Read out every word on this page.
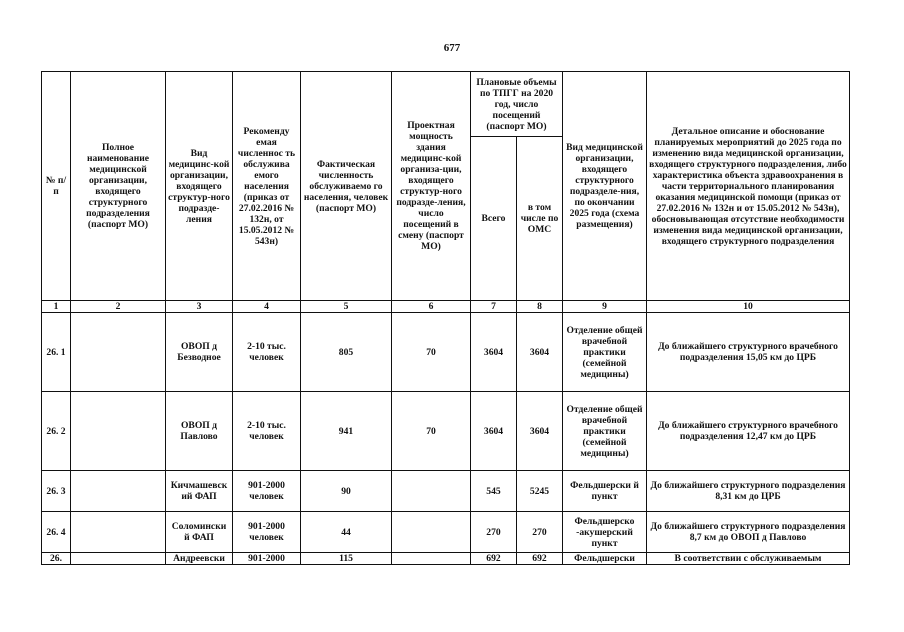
677
№ п/п	Полное наименование медицинской организации, входящего структурного подразделения (паспорт МО)	Вид медицинс-кой организации, входящего структур-ного подразде-ления	Рекоменду емая численнос ть обслужива емого населения (приказ от 27.02.2016 № 132н, от 15.05.2012 № 543н)	Фактическая численность обслуживаемо го населения, человек (паспорт МО)	Проектная мощность здания медицинс-кой организа-ции, входящего структур-ного подразде-ления, число посещений в смену (паспорт МО)	Плановые объемы по ТПГГ на 2020 год, число посещений (паспорт МО)		Вид медицинской организации, входящего структурного подразделе-ния, по окончании 2025 года (схема размещения)	Детальное описание и обоснование планируемых мероприятий до 2025 года по изменению вида медицинской организации, входящего структурного подразделения, либо характеристика объекта здравоохранения в части территориального планирования оказания медицинской помощи (приказ от 27.02.2016 № 132н и от 15.05.2012 № 543н), обосновывающая отсутствие необходимости изменения вида медицинской организации, входящего структурного подразделения
						Всего	в том числе по ОМС		
1	2	3	4	5	6	7	8	9	10
26. 1		ОВОП д Безводное	2-10 тыс. человек	805	70	3604	3604	Отделение общей врачебной практики (семейной медицины)	До ближайшего структурного врачебного подразделения 15,05 км до ЦРБ
26. 2		ОВОП д Павлово	2-10 тыс. человек	941	70	3604	3604	Отделение общей врачебной практики (семейной медицины)	До ближайшего структурного врачебного подразделения 12,47 км до ЦРБ
26. 3		Кичмашевск ий ФАП	901-2000 человек	90		545	5245	Фельдшерски й пункт	До ближайшего структурного подразделения 8,31 км до ЦРБ
26. 4		Соломински й ФАП	901-2000 человек	44		270	270	Фельдшерско -акушерский пункт	До ближайшего структурного подразделения 8,7 км до ОВОП д Павлово
26.		Андреевски	901-2000	115		692	692	Фельдшерски	В соответствии с обслуживаемым
